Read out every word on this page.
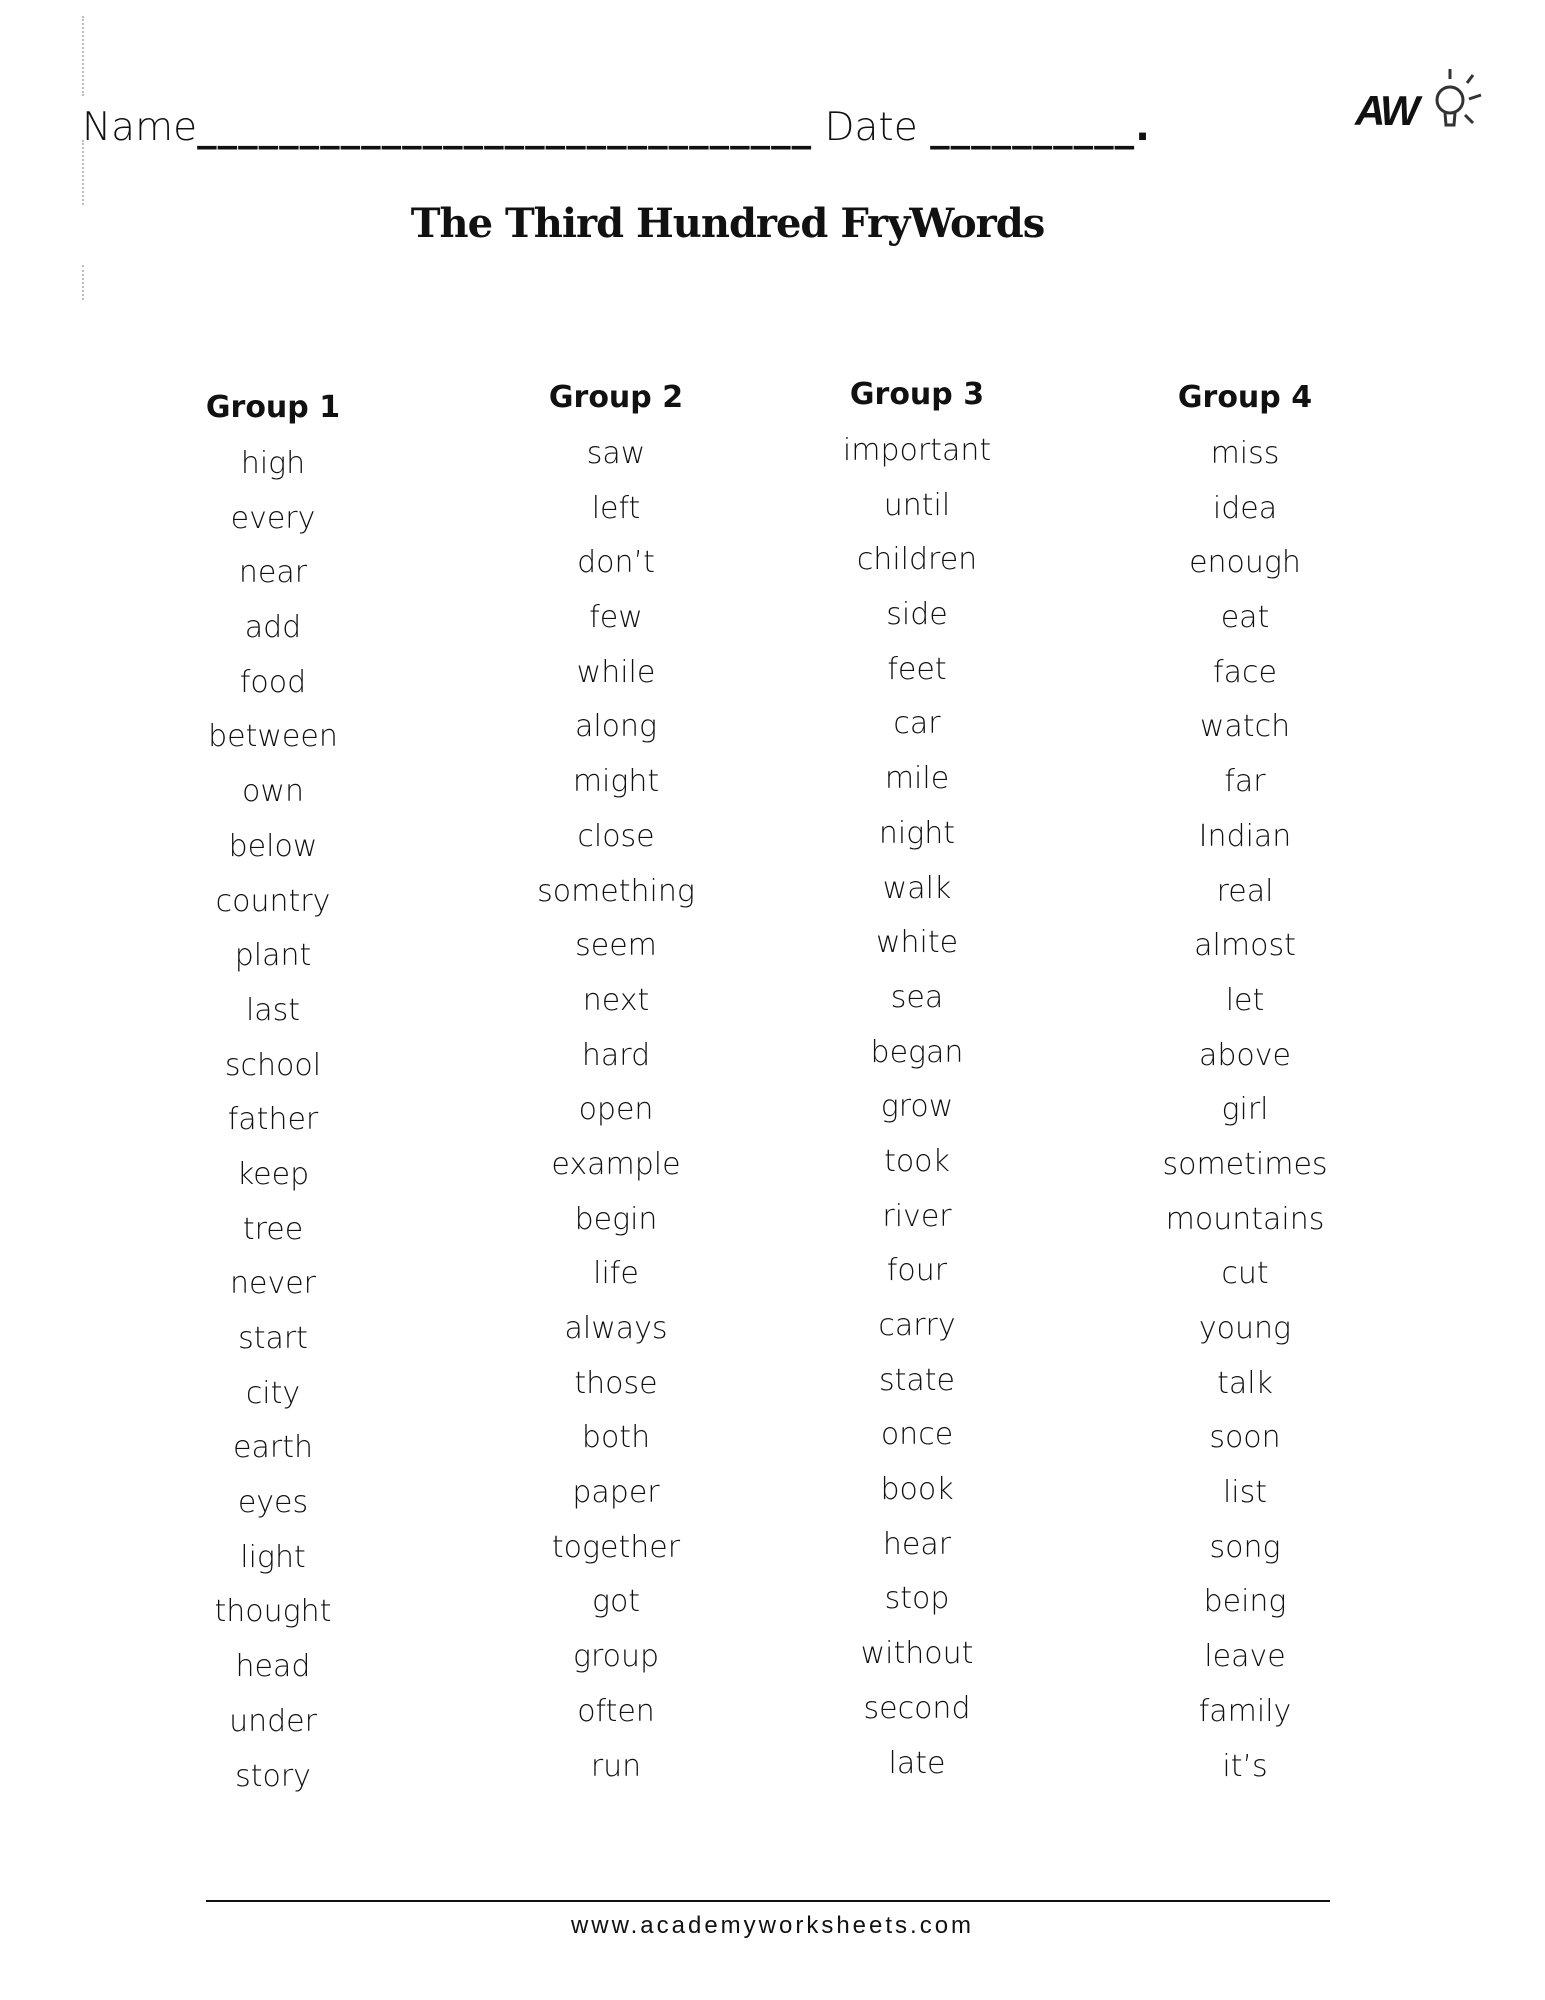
Name______________________________ Date __________.	AW
The Third Hundred FryWords
Group 1
high
every
near
add
food
between
own
below
country
plant
last
school
father
keep
tree
never
start
city
earth
eyes
light
thought
head
under
story
Group 2
saw
left
don’t
few
while
along
might
close
something
seem
next
hard
open
example
begin
life
always
those
both
paper
together
got
group
often
run
Group 3
important
until
children
side
feet
car
mile
night
walk
white
sea
began
grow
took
river
four
carry
state
once
book
hear
stop
without
second
late
Group 4
miss
idea
enough
eat
face
watch
far
Indian
real
almost
let
above
girl
sometimes
mountains
cut
young
talk
soon
list
song
being
leave
family
it’s
www.academyworksheets.com
